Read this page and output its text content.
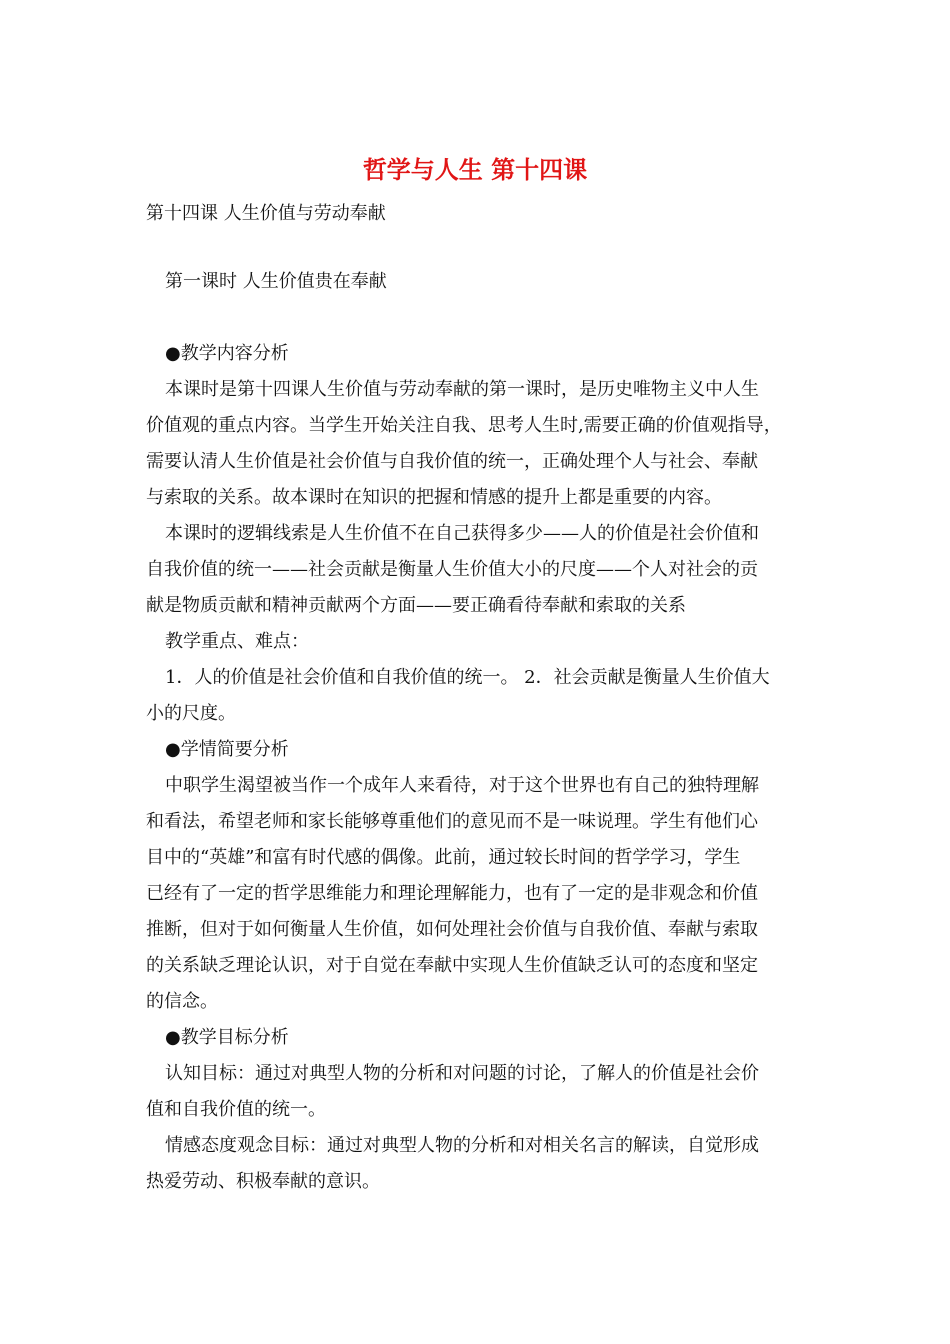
哲学与人生 第十四课
第十四课 人生价值与劳动奉献
第一课时 人生价值贵在奉献
●教学内容分析
本课时是第十四课人生价值与劳动奉献的第一课时，是历史唯物主义中人生
价值观的重点内容。当学生开始关注自我、思考人生时,需要正确的价值观指导，
需要认清人生价值是社会价值与自我价值的统一，正确处理个人与社会、奉献
与索取的关系。故本课时在知识的把握和情感的提升上都是重要的内容。
本课时的逻辑线索是人生价值不在自己获得多少——人的价值是社会价值和
自我价值的统一——社会贡献是衡量人生价值大小的尺度——个人对社会的贡
献是物质贡献和精神贡献两个方面——要正确看待奉献和索取的关系
教学重点、难点：
1．人的价值是社会价值和自我价值的统一。 2．社会贡献是衡量人生价值大
小的尺度。
●学情简要分析
中职学生渴望被当作一个成年人来看待，对于这个世界也有自己的独特理解
和看法，希望老师和家长能够尊重他们的意见而不是一味说理。学生有他们心
目中的“英雄”和富有时代感的偶像。此前，通过较长时间的哲学学习，学生
已经有了一定的哲学思维能力和理论理解能力，也有了一定的是非观念和价值
推断，但对于如何衡量人生价值，如何处理社会价值与自我价值、奉献与索取
的关系缺乏理论认识，对于自觉在奉献中实现人生价值缺乏认可的态度和坚定
的信念。
●教学目标分析
认知目标：通过对典型人物的分析和对问题的讨论，了解人的价值是社会价
值和自我价值的统一。
情感态度观念目标：通过对典型人物的分析和对相关名言的解读，自觉形成
热爱劳动、积极奉献的意识。
